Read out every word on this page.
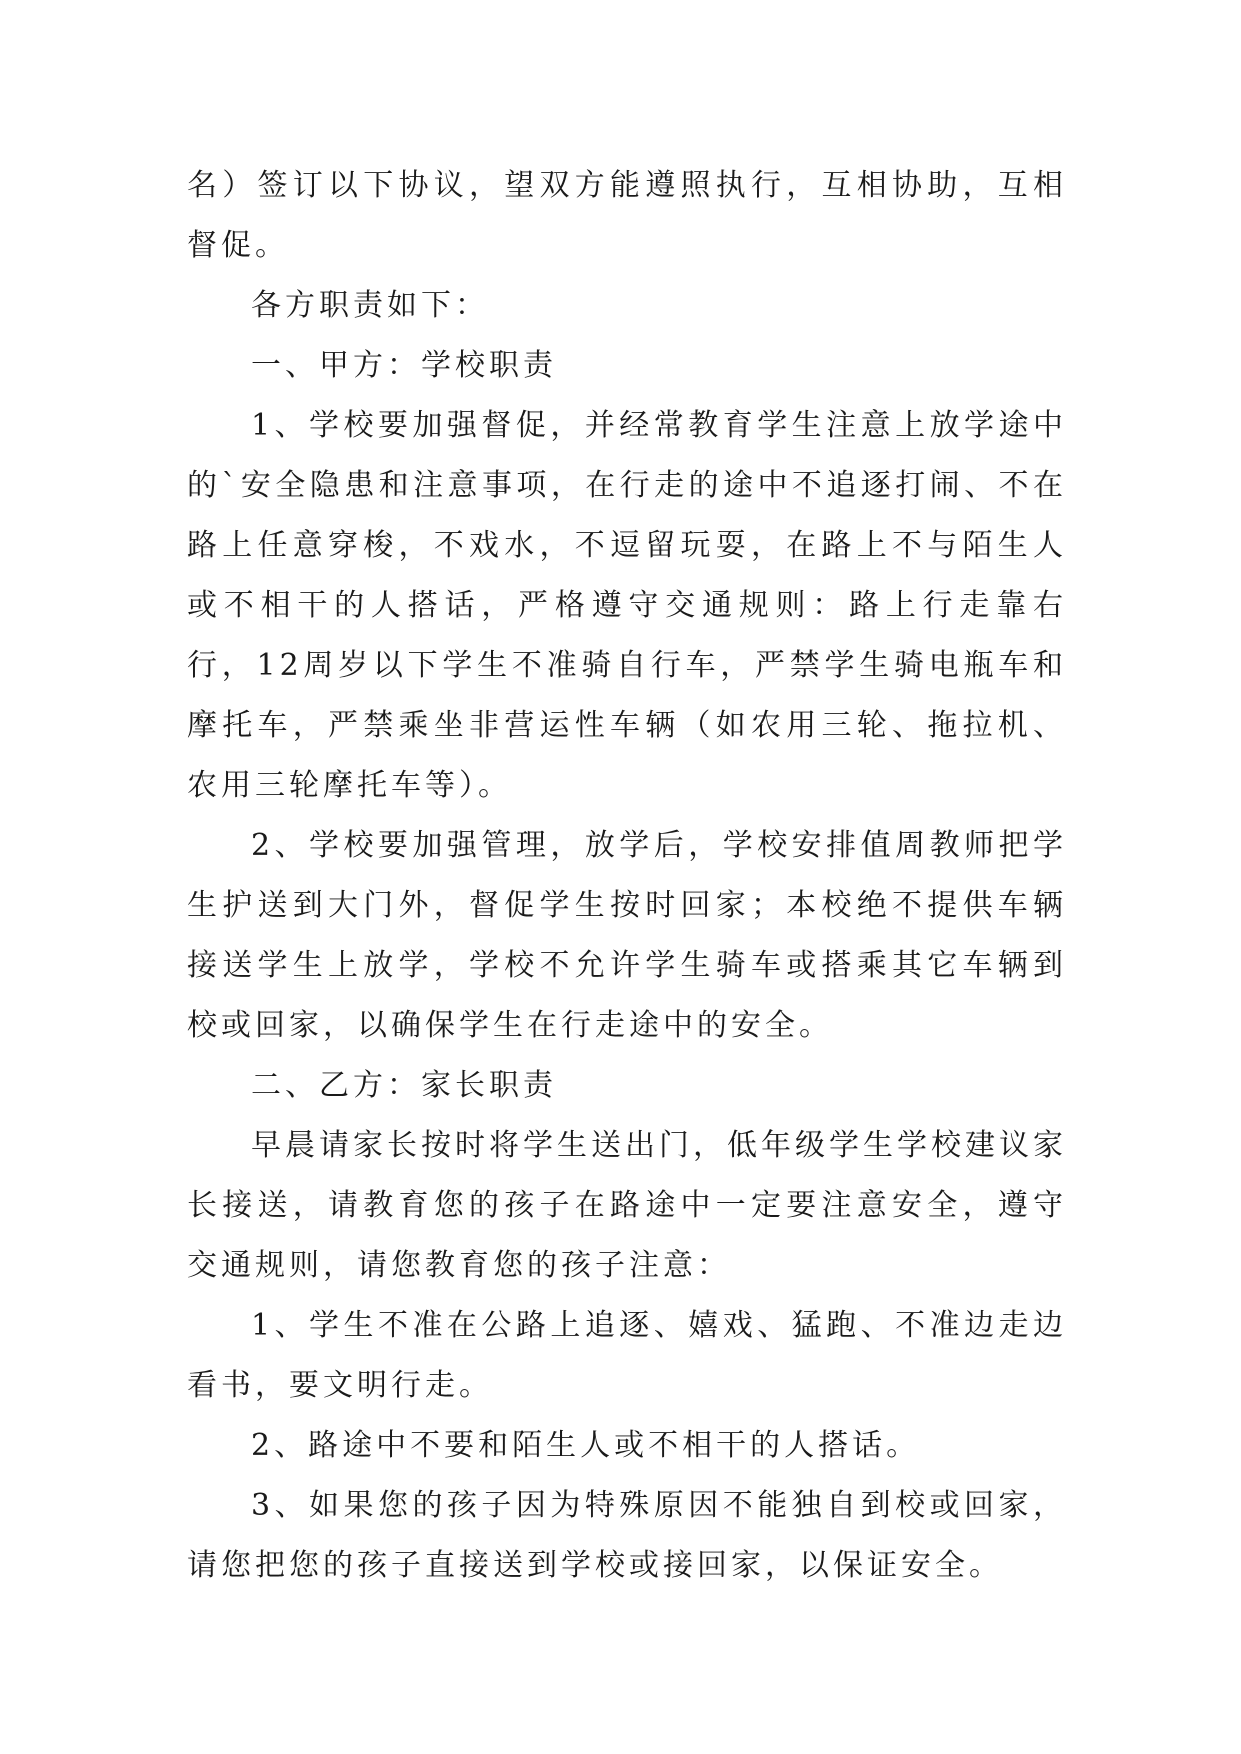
名）签订以下协议，望双方能遵照执行，互相协助，互相督促。

各方职责如下：

一、甲方：学校职责

1、学校要加强督促，并经常教育学生注意上放学途中的`安全隐患和注意事项，在行走的途中不追逐打闹、不在路上任意穿梭，不戏水，不逗留玩耍，在路上不与陌生人或不相干的人搭话，严格遵守交通规则：路上行走靠右行，12周岁以下学生不准骑自行车，严禁学生骑电瓶车和摩托车，严禁乘坐非营运性车辆（如农用三轮、拖拉机、农用三轮摩托车等）。

2、学校要加强管理，放学后，学校安排值周教师把学生护送到大门外，督促学生按时回家；本校绝不提供车辆接送学生上放学，学校不允许学生骑车或搭乘其它车辆到校或回家，以确保学生在行走途中的安全。

二、乙方：家长职责

早晨请家长按时将学生送出门，低年级学生学校建议家长接送，请教育您的孩子在路途中一定要注意安全，遵守交通规则，请您教育您的孩子注意：

1、学生不准在公路上追逐、嬉戏、猛跑、不准边走边看书，要文明行走。

2、路途中不要和陌生人或不相干的人搭话。

3、如果您的孩子因为特殊原因不能独自到校或回家，请您把您的孩子直接送到学校或接回家，以保证安全。
